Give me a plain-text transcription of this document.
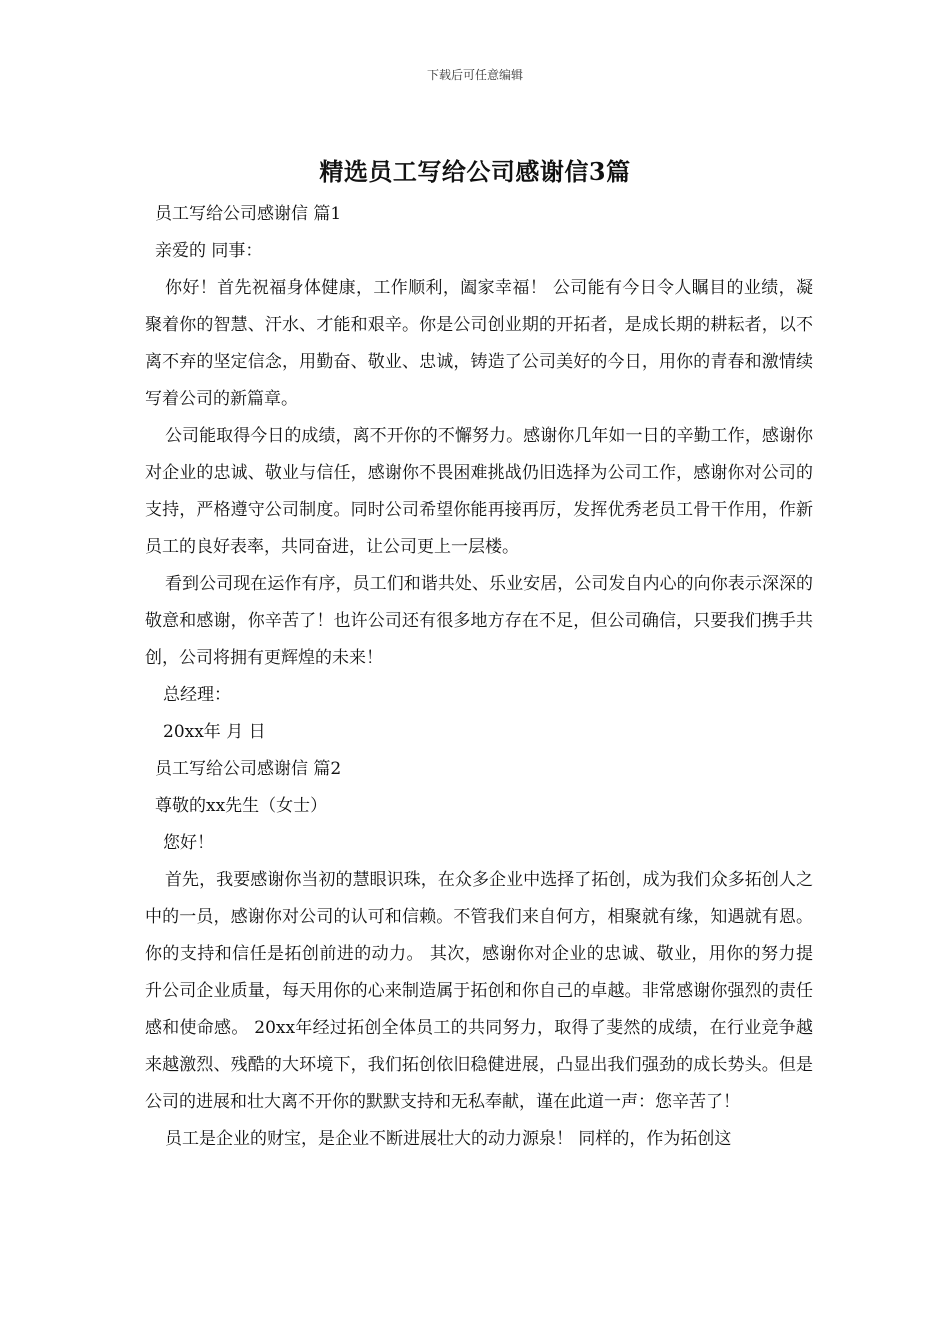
下载后可任意编辑
精选员工写给公司感谢信3篇
员工写给公司感谢信 篇1
亲爱的 同事：

你好！首先祝福身体健康，工作顺利，阖家幸福！ 公司能有今日令人瞩目的业绩，凝聚着你的智慧、汗水、才能和艰辛。你是公司创业期的开拓者，是成长期的耕耘者，以不离不弃的坚定信念，用勤奋、敬业、忠诚，铸造了公司美好的今日，用你的青春和激情续写着公司的新篇章。

公司能取得今日的成绩，离不开你的不懈努力。感谢你几年如一日的辛勤工作，感谢你对企业的忠诚、敬业与信任，感谢你不畏困难挑战仍旧选择为公司工作，感谢你对公司的支持，严格遵守公司制度。同时公司希望你能再接再厉，发挥优秀老员工骨干作用，作新员工的良好表率，共同奋进，让公司更上一层楼。

看到公司现在运作有序，员工们和谐共处、乐业安居，公司发自内心的向你表示深深的敬意和感谢，你辛苦了！也许公司还有很多地方存在不足，但公司确信，只要我们携手共创，公司将拥有更辉煌的未来！

总经理：
20xx年 月 日
员工写给公司感谢信 篇2
尊敬的xx先生（女士）
您好！

首先，我要感谢你当初的慧眼识珠，在众多企业中选择了拓创，成为我们众多拓创人之中的一员，感谢你对公司的认可和信赖。不管我们来自何方，相聚就有缘，知遇就有恩。你的支持和信任是拓创前进的动力。 其次，感谢你对企业的忠诚、敬业，用你的努力提升公司企业质量，每天用你的心来制造属于拓创和你自己的卓越。非常感谢你强烈的责任感和使命感。 20xx年经过拓创全体员工的共同努力，取得了斐然的成绩，在行业竞争越来越激烈、残酷的大环境下，我们拓创依旧稳健进展，凸显出我们强劲的成长势头。但是公司的进展和壮大离不开你的默默支持和无私奉献，谨在此道一声：您辛苦了！

员工是企业的财宝，是企业不断进展壮大的动力源泉！ 同样的，作为拓创这
